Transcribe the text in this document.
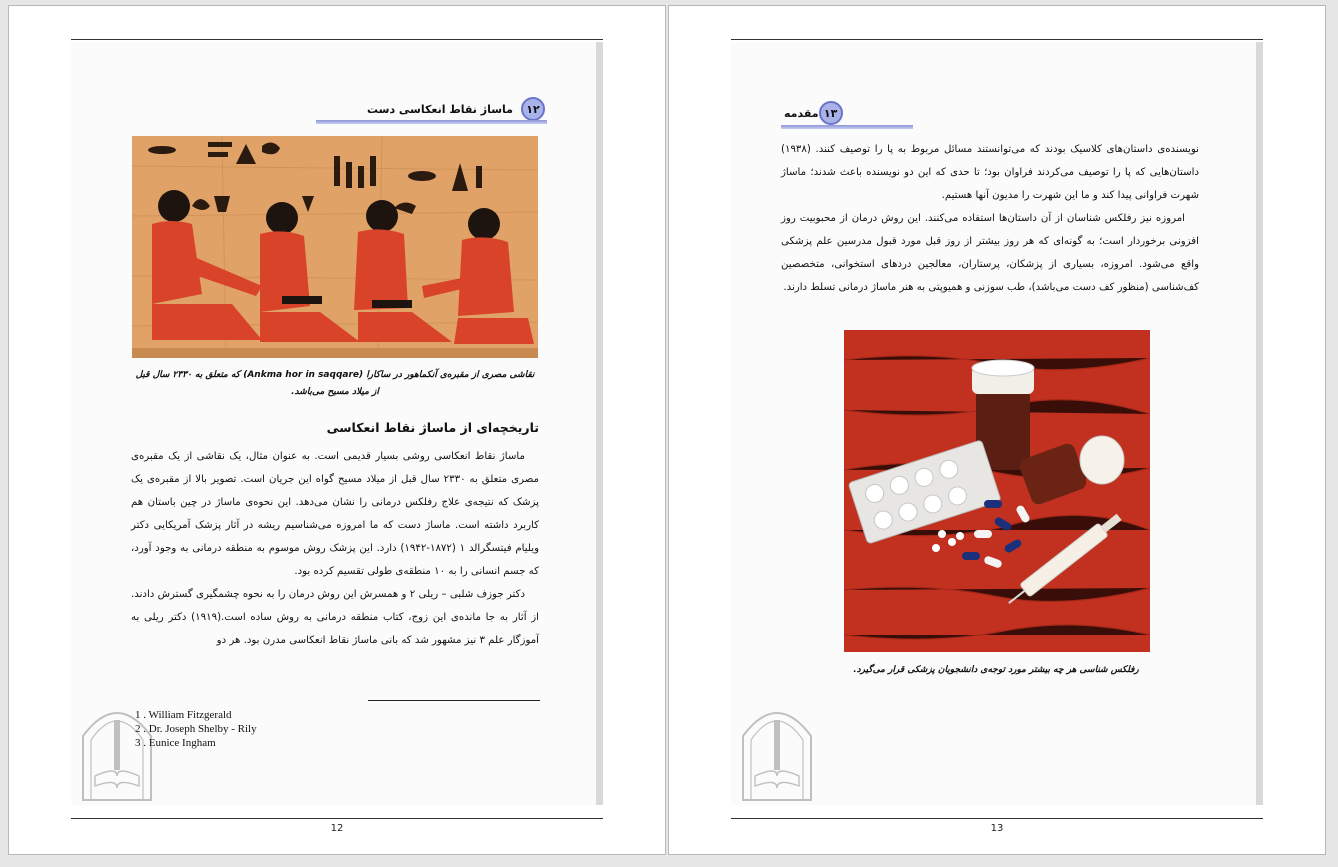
۱۲
ماساژ نقاط انعکاسی دست
نقاشی مصری از مقبره‌ی آنکماهور در ساکارا (Ankma hor in saqqare) که متعلق به ۲۳۳۰ سال قبل
از میلاد مسیح می‌باشد.
تاریخچه‌ای از ماساژ نقاط انعکاسی

ماساژ نقاط انعکاسی روشی بسیار قدیمی است. به عنوان مثال، یک نقاشی از یک مقبره‌ی مصری متعلق به ۲۳۳۰ سال قبل از میلاد مسیح گواه این جریان است. تصویر بالا از مقبره‌ی یک پزشک که نتیجه‌ی علاج رفلکس درمانی را نشان می‌دهد. این نحوه‌ی ماساژ در چین باستان هم کاربرد داشته است. ماساژ دست که ما امروزه می‌شناسیم ریشه در آثار پزشک آمریکایی دکتر ویلیام فیتسگرالد ۱ (۱۸۷۲-۱۹۴۲) دارد. این پزشک روش موسوم به منطقه درمانی به وجود آورد، که جسم انسانی را به ۱۰ منطقه‌ی طولی تقسیم کرده بود.

دکتر جوزف شلبی – ریلی ۲ و همسرش این روش درمان را به نحوه چشمگیری گسترش دادند. از آثار به جا مانده‌ی این زوج، کتاب منطقه درمانی به روش ساده است.(۱۹۱۹) دکتر ریلی به آموزگار علم ۳ نیز مشهور شد که بانی ماساژ نقاط انعکاسی مدرن بود. هر دو

1 . William Fitzgerald
2 . Dr. Joseph Shelby - Rily
3 . Eunice Ingham
12
۱۳
مقدمه

نویسنده‌ی داستان‌های کلاسیک بودند که می‌توانستند مسائل مربوط به پا را توصیف کنند. (۱۹۳۸) داستان‌هایی که پا را توصیف می‌کردند فراوان بود؛ تا حدی که این دو نویسنده باعث شدند؛ ماساژ شهرت فراوانی پیدا کند و ما این شهرت را مدیون آنها هستیم.

امروزه نیز رفلکس شناسان از آن داستان‌ها استفاده می‌کنند. این روش درمان از محبوبیت روز افزونی برخوردار است؛ به گونه‌ای که هر روز بیشتر از روز قبل مورد قبول مدرسین علم پزشکی واقع می‌شود. امروزه، بسیاری از پزشکان، پرستاران، معالجین دردهای استخوانی، متخصصین کف‌شناسی (منظور کف دست می‌باشد)، طب سوزنی و همیوپتی به هنر ماساژ درمانی تسلط دارند.

رفلکس شناسی هر چه بیشتر مورد توجه‌ی دانشجویان پزشکی قرار می‌گیرد.
13
